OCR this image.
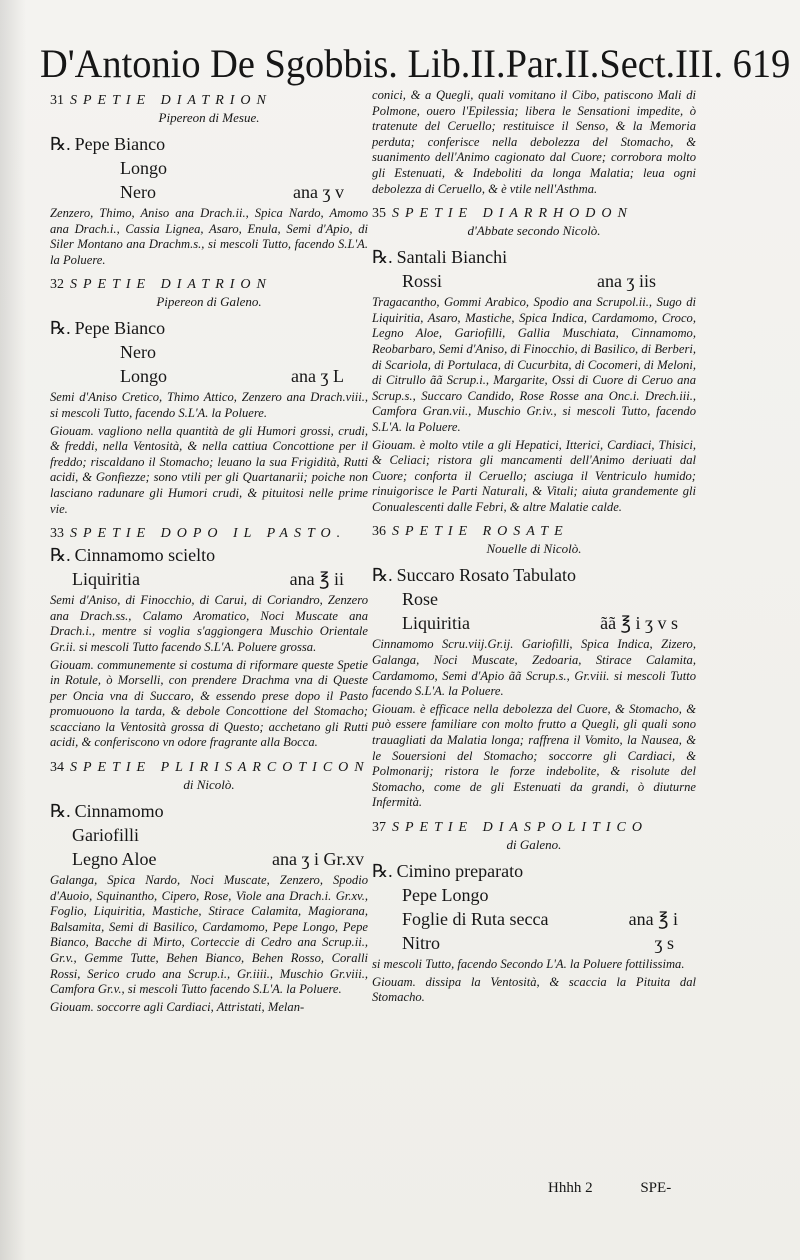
D'Antonio De Sgobbis. Lib.II.Par.II.Sect.III. 619
31 SPETIE DIATRION
Pipereon di Mesue.
℞. Pepe Bianco
Longo
Nero	ana ʒ v
Zenzero, Thimo, Aniso ana Drach.ii., Spica Nardo, Amomo ana Drach.i., Cassia Lignea, Asaro, Enula, Semi d'Apio, di Siler Montano ana Drachm.s., si mescoli Tutto, facendo S.L'A. la Poluere.
32 SPETIE DIATRION
Pipereon di Galeno.
℞. Pepe Bianco
Nero
Longo	ana ʒ L
Semi d'Aniso Cretico, Thimo Attico, Zenzero ana Drach.viii., si mescoli Tutto, facendo S.L'A. la Poluere.
Giouam. vagliono nella quantità de gli Humori grossi, crudi, & freddi, nella Ventosità, & nella cattiua Concottione per il freddo; riscaldano il Stomacho; leuano la sua Frigidità, Rutti acidi, & Gonfiezze; sono vtili per gli Quartanarii; poiche non lasciano radunare gli Humori crudi, & pituitosi nelle prime vie.
33 SPETIE DOPO IL PASTO.
℞. Cinnamomo scielto
Liquiritia	ana ℥ ii
Semi d'Aniso, di Finocchio, di Carui, di Coriandro, Zenzero ana Drach.ss., Calamo Aromatico, Noci Muscate ana Drach.i., mentre si voglia s'aggiongera Muschio Orientale Gr.ii. si mescoli Tutto facendo S.L'A. Poluere grossa.
Giouam. communemente si costuma di riformare queste Spetie in Rotule, ò Morselli, con prendere Drachma vna di Queste per Oncia vna di Succaro, & essendo prese dopo il Pasto promuouono la tarda, & debole Concottione del Stomacho; scacciano la Ventosità grossa di Questo; acchetano gli Rutti acidi, & conferiscono vn odore fragrante alla Bocca.
34 SPETIE PLIRISARCOTICON
di Nicolò.
℞. Cinnamomo
Gariofilli
Legno Aloe	ana ʒ i Gr.xv
Galanga, Spica Nardo, Noci Muscate, Zenzero, Spodio d'Auoio, Squinantho, Cipero, Rose, Viole ana Drach.i. Gr.xv., Foglio, Liquiritia, Mastiche, Stirace Calamita, Magiorana, Balsamita, Semi di Basilico, Cardamomo, Pepe Longo, Pepe Bianco, Bacche di Mirto, Corteccie di Cedro ana Scrup.ii., Gr.v., Gemme Tutte, Behen Bianco, Behen Rosso, Coralli Rossi, Serico crudo ana Scrup.i., Gr.iiii., Muschio Gr.viii., Camfora Gr.v., si mescoli Tutto facendo S.L'A. la Poluere.
Giouam. soccorre agli Cardiaci, Attristati, Melan-
conici, & a Quegli, quali vomitano il Cibo, patiscono Mali di Polmone, ouero l'Epilessia; libera le Sensationi impedite, ò tratenute del Ceruello; restituisce il Senso, & la Memoria perduta; conferisce nella debolezza del Stomacho, & suanimento dell'Animo cagionato dal Cuore; corrobora molto gli Estenuati, & Indeboliti da longa Malatia; leua ogni debolezza di Ceruello, & è vtile nell'Asthma.
35 SPETIE DIARRHODON
d'Abbate secondo Nicolò.
℞. Santali Bianchi
Rossi	ana ʒ iis
Tragacantho, Gommi Arabico, Spodio ana Scrupol.ii., Sugo di Liquiritia, Asaro, Mastiche, Spica Indica, Cardamomo, Croco, Legno Aloe, Gariofilli, Gallia Muschiata, Cinnamomo, Reobarbaro, Semi d'Aniso, di Finocchio, di Basilico, di Berberi, di Scariola, di Portulaca, di Cucurbita, di Cocomeri, di Meloni, di Citrullo ãã Scrup.i., Margarite, Ossi di Cuore di Ceruo ana Scrup.s., Succaro Candido, Rose Rosse ana Onc.i. Drech.iii., Camfora Gran.vii., Muschio Gr.iv., si mescoli Tutto, facendo S.L'A. la Poluere.
Giouam. è molto vtile a gli Hepatici, Itterici, Cardiaci, Thisici, & Celiaci; ristora gli mancamenti dell'Animo deriuati dal Cuore; conforta il Ceruello; asciuga il Ventriculo humido; rinuigorisce le Parti Naturali, & Vitali; aiuta grandemente gli Conualescenti dalle Febri, & altre Malatie calde.
36 SPETIE ROSATE
Nouelle di Nicolò.
℞. Succaro Rosato Tabulato
Rose
Liquiritia	ãã ℥ i ʒ v s
Cinnamomo Scru.viij.Gr.ij. Gariofilli, Spica Indica, Zizero, Galanga, Noci Muscate, Zedoaria, Stirace Calamita, Cardamomo, Semi d'Apio ãã Scrup.s., Gr.viii. si mescoli Tutto facendo S.L'A. la Poluere.
Giouam. è efficace nella debolezza del Cuore, & Stomacho, & può essere familiare con molto frutto a Quegli, gli quali sono trauagliati da Malatia longa; raffrena il Vomito, la Nausea, & le Souersioni del Stomacho; soccorre gli Cardiaci, & Polmonarij; ristora le forze indebolite, & risolute del Stomacho, come de gli Estenuati da grandi, ò diuturne Infermità.
37 SPETIE DIASPOLITICO
di Galeno.
℞. Cimino preparato
Pepe Longo
Foglie di Ruta secca	ana ℥ i
Nitro	ʒ s
si mescoli Tutto, facendo Secondo L'A. la Poluere fottilissima.
Giouam. dissipa la Ventosità, & scaccia la Pituita dal Stomacho.
Hhhh 2	SPE-
